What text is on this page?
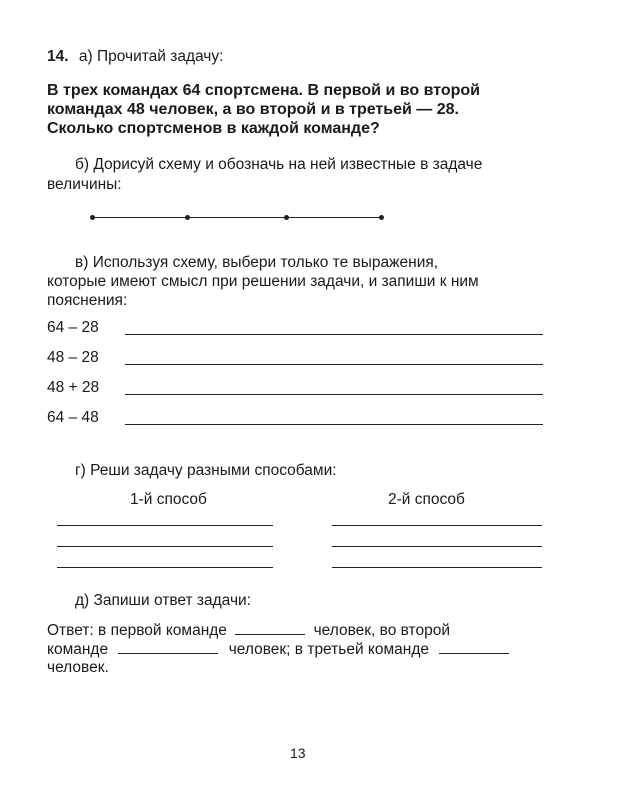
14. а) Прочитай задачу:
В трех командах 64 спортсмена. В первой и во второй
командах 48 человек, а во второй и в третьей — 28.
Сколько спортсменов в каждой команде?
б) Дорисуй схему и обозначь на ней известные в задаче
величины:
в) Используя схему, выбери только те выражения,
которые имеют смысл при решении задачи, и запиши к ним
пояснения:
64 – 28
48 – 28
48 + 28
64 – 48
г) Реши задачу разными способами:
1-й способ	2-й способ
д) Запиши ответ задачи:
Ответ: в первой команде	человек, во второй
команде	человек; в третьей команде
человек.
13
